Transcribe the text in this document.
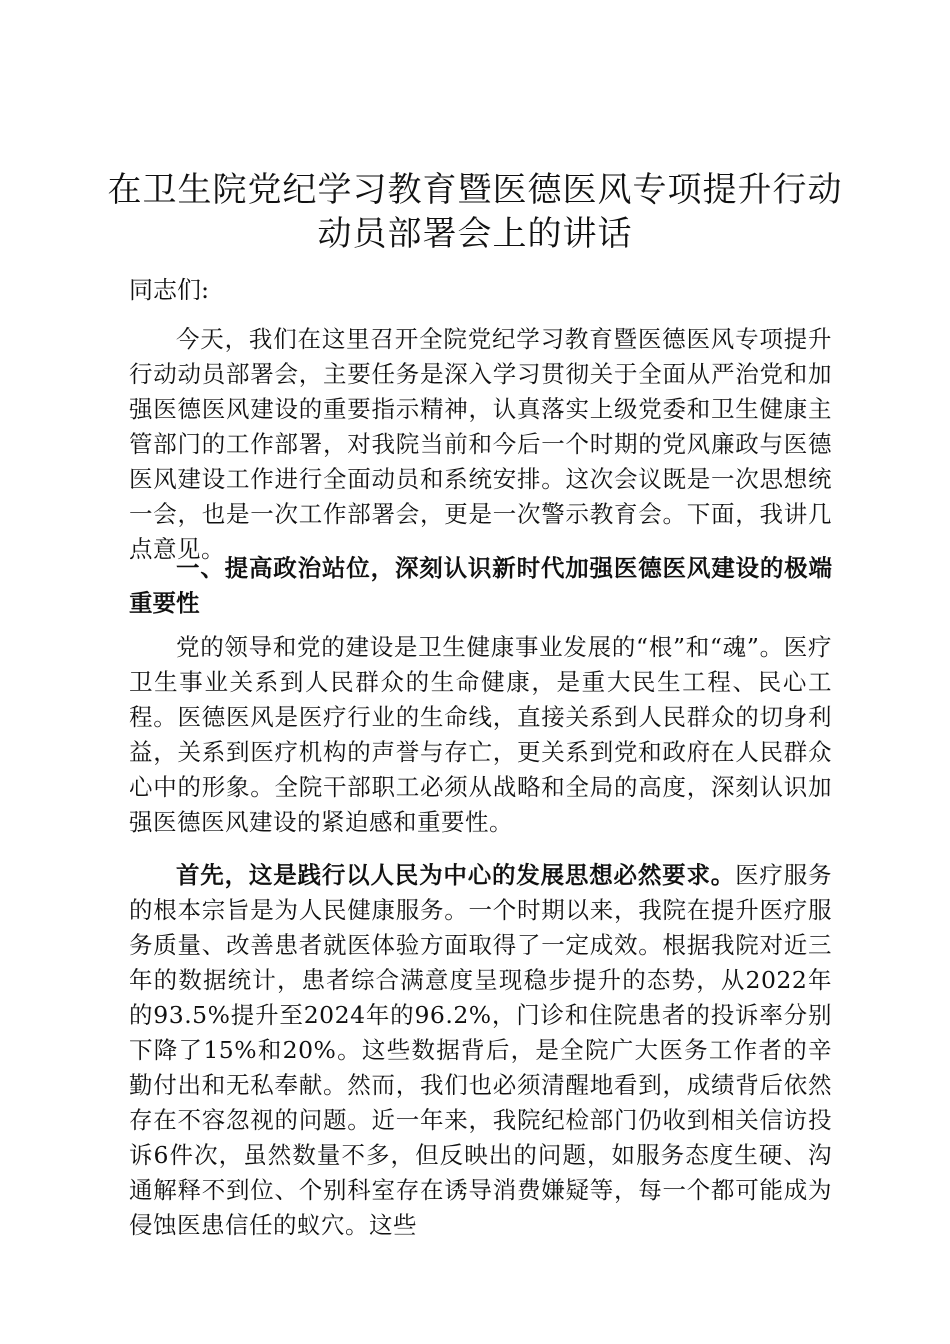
在卫生院党纪学习教育暨医德医风专项提升行动动员部署会上的讲话

同志们:

今天，我们在这里召开全院党纪学习教育暨医德医风专项提升行动动员部署会，主要任务是深入学习贯彻关于全面从严治党和加强医德医风建设的重要指示精神，认真落实上级党委和卫生健康主管部门的工作部署，对我院当前和今后一个时期的党风廉政与医德医风建设工作进行全面动员和系统安排。这次会议既是一次思想统一会，也是一次工作部署会，更是一次警示教育会。下面，我讲几点意见。

一、提高政治站位，深刻认识新时代加强医德医风建设的极端重要性

党的领导和党的建设是卫生健康事业发展的“根”和“魂”。医疗卫生事业关系到人民群众的生命健康，是重大民生工程、民心工程。医德医风是医疗行业的生命线，直接关系到人民群众的切身利益，关系到医疗机构的声誉与存亡，更关系到党和政府在人民群众心中的形象。全院干部职工必须从战略和全局的高度，深刻认识加强医德医风建设的紧迫感和重要性。

首先，这是践行以人民为中心的发展思想必然要求。医疗服务的根本宗旨是为人民健康服务。一个时期以来，我院在提升医疗服务质量、改善患者就医体验方面取得了一定成效。根据我院对近三年的数据统计，患者综合满意度呈现稳步提升的态势，从2022年的93.5%提升至2024年的96.2%，门诊和住院患者的投诉率分别下降了15%和20%。这些数据背后，是全院广大医务工作者的辛勤付出和无私奉献。然而，我们也必须清醒地看到，成绩背后依然存在不容忽视的问题。近一年来，我院纪检部门仍收到相关信访投诉6件次，虽然数量不多，但反映出的问题，如服务态度生硬、沟通解释不到位、个别科室存在诱导消费嫌疑等，每一个都可能成为侵蚀医患信任的蚁穴。这些
